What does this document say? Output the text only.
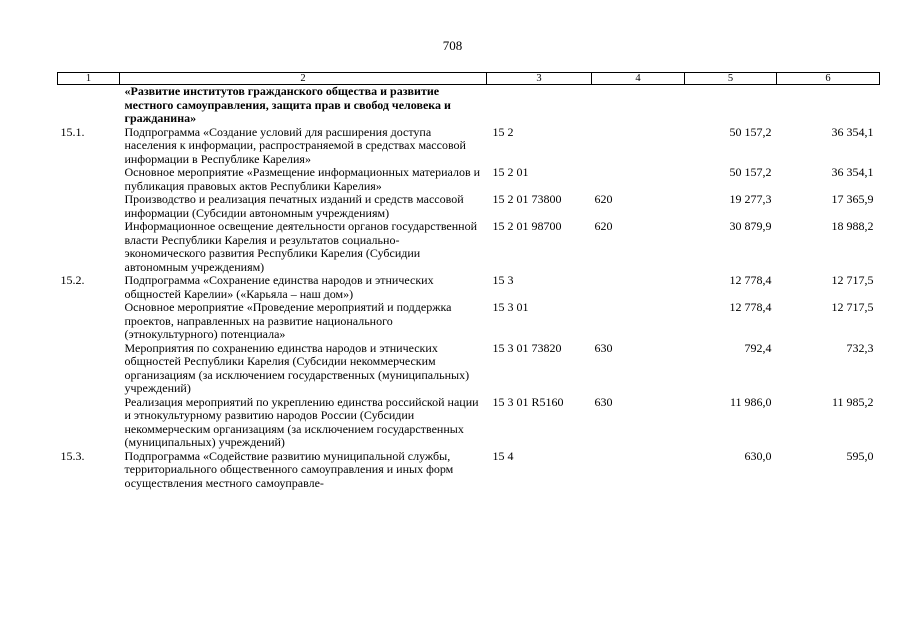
708
1	2	3	4	5	6
	«Развитие институтов гражданского общества и развитие местного самоуправления, защита прав и свобод человека и гражданина»				
15.1.	Подпрограмма «Создание условий для расширения доступа населения к информации, распространяемой в средствах массовой информации в Республике Карелия»	15 2		50 157,2	36 354,1
	Основное мероприятие «Размещение информационных материалов и публикация правовых актов Республики Карелия»	15 2 01		50 157,2	36 354,1
	Производство и реализация печатных изданий и средств массовой информации (Субсидии автономным учреждениям)	15 2 01 73800	620	19 277,3	17 365,9
	Информационное освещение деятельности органов государственной власти Республики Карелия и результатов социально-экономического развития Республики Карелия (Субсидии автономным учреждениям)	15 2 01 98700	620	30 879,9	18 988,2
15.2.	Подпрограмма «Сохранение единства народов и этнических общностей Карелии» («Карьяла – наш дом»)	15 3		12 778,4	12 717,5
	Основное мероприятие «Проведение мероприятий и поддержка проектов, направленных на развитие национального (этнокультурного) потенциала»	15 3 01		12 778,4	12 717,5
	Мероприятия по сохранению единства народов и этнических общностей Республики Карелия (Субсидии некоммерческим организациям (за исключением государственных (муниципальных) учреждений)	15 3 01 73820	630	792,4	732,3
	Реализация мероприятий по укреплению единства российской нации и этнокультурному развитию народов России (Субсидии некоммерческим организациям (за исключением государственных (муниципальных) учреждений)	15 3 01 R5160	630	11 986,0	11 985,2
15.3.	Подпрограмма «Содействие развитию муниципальной службы, территориального общественного самоуправления и иных форм осуществления местного самоуправле-	15 4		630,0	595,0
